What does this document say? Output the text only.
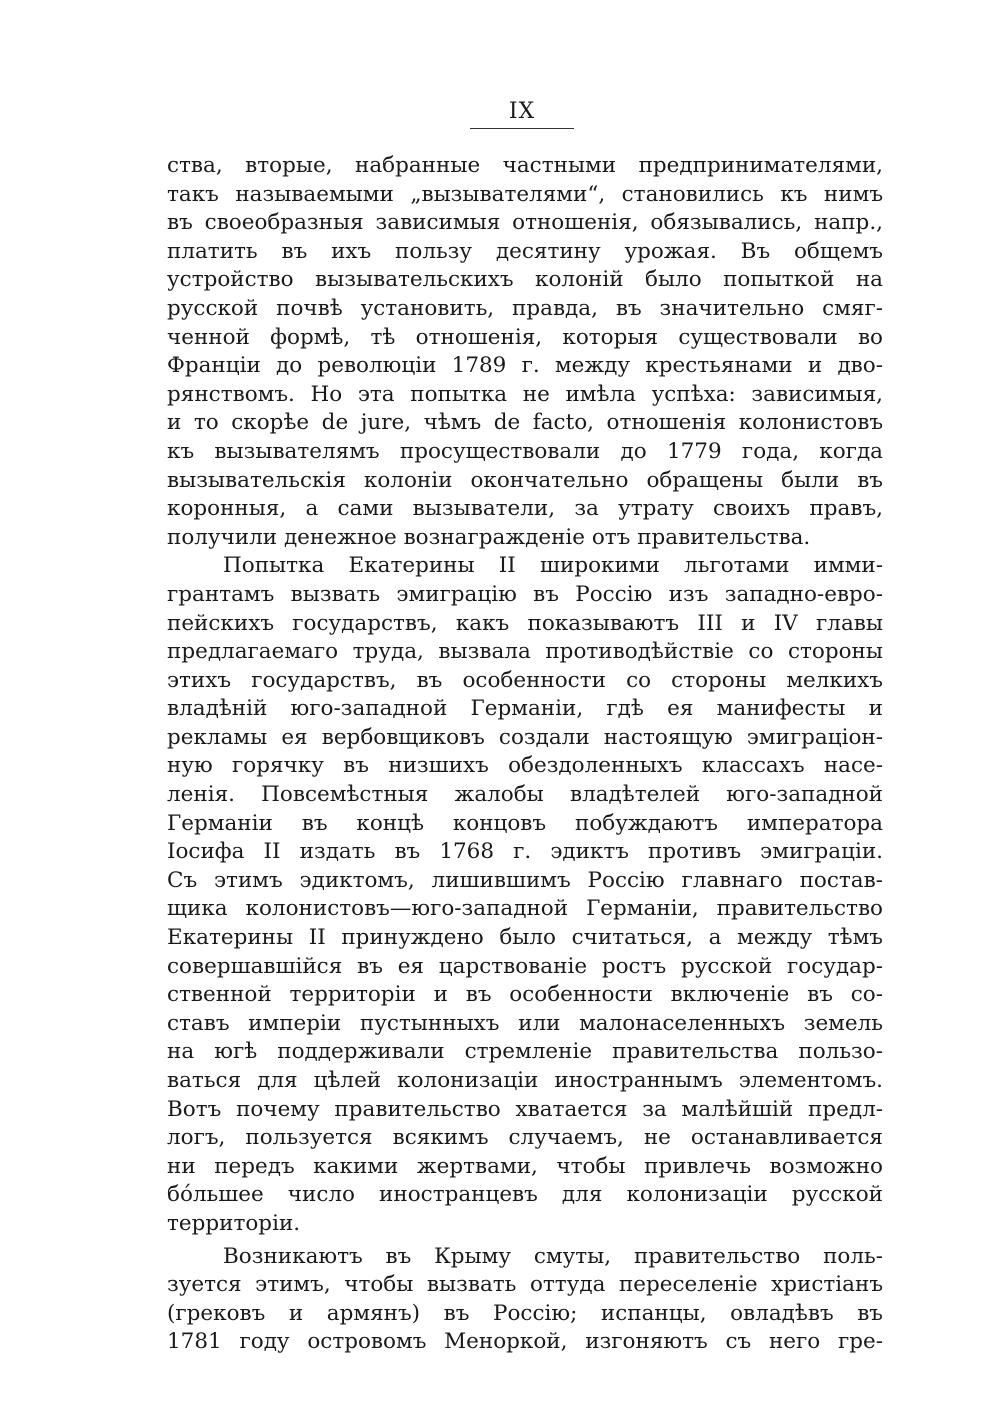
IX

ства, вторые, набранные частными предпринимателями,
такъ называемыми „вызывателями“, становились къ нимъ
въ своеобразныя зависимыя отношенія, обязывались, напр.,
платить въ ихъ пользу десятину урожая. Въ общемъ
устройство вызывательскихъ колоній было попыткой на
русской почвѣ установить, правда, въ значительно смяг-
ченной формѣ, тѣ отношенія, которыя существовали во
Франціи до революціи 1789 г. между крестьянами и дво-
рянствомъ. Но эта попытка не имѣла успѣха: зависимыя,
и то скорѣе de jure, чѣмъ de facto, отношенія колонистовъ
къ вызывателямъ просуществовали до 1779 года, когда
вызывательскія колоніи окончательно обращены были въ
коронныя, а сами вызыватели, за утрату своихъ правъ,
получили денежное вознагражденіе отъ правительства.

Попытка Екатерины II широкими льготами имми-
грантамъ вызвать эмиграцію въ Россію изъ западно-евро-
пейскихъ государствъ, какъ показываютъ III и IV главы
предлагаемаго труда, вызвала противодѣйствіе со стороны
этихъ государствъ, въ особенности со стороны мелкихъ
владѣній юго-западной Германіи, гдѣ ея манифесты и
рекламы ея вербовщиковъ создали настоящую эмиграціон-
ную горячку въ низшихъ обездоленныхъ классахъ насе-
ленія. Повсемѣстныя жалобы владѣтелей юго-западной
Германіи въ концѣ концовъ побуждаютъ императора
Іосифа II издать въ 1768 г. эдиктъ противъ эмиграціи.
Съ этимъ эдиктомъ, лишившимъ Россію главнаго постав-
щика колонистовъ—юго-западной Германіи, правительство
Екатерины II принуждено было считаться, а между тѣмъ
совершавшійся въ ея царствованіе ростъ русской государ-
ственной территоріи и въ особенности включеніе въ со-
ставъ имперіи пустынныхъ или малонаселенныхъ земель
на югѣ поддерживали стремленіе правительства пользо-
ваться для цѣлей колонизаціи иностраннымъ элементомъ.
Вотъ почему правительство хватается за малѣйшій предл-
логъ, пользуется всякимъ случаемъ, не останавливается
ни передъ какими жертвами, чтобы привлечь возможно
бóльшее число иностранцевъ для колонизаціи русской
территоріи.

Возникаютъ въ Крыму смуты, правительство поль-
зуется этимъ, чтобы вызвать оттуда переселеніе христіанъ
(грековъ и армянъ) въ Россію; испанцы, овладѣвъ въ
1781 году островомъ Меноркой, изгоняютъ съ него гре-
